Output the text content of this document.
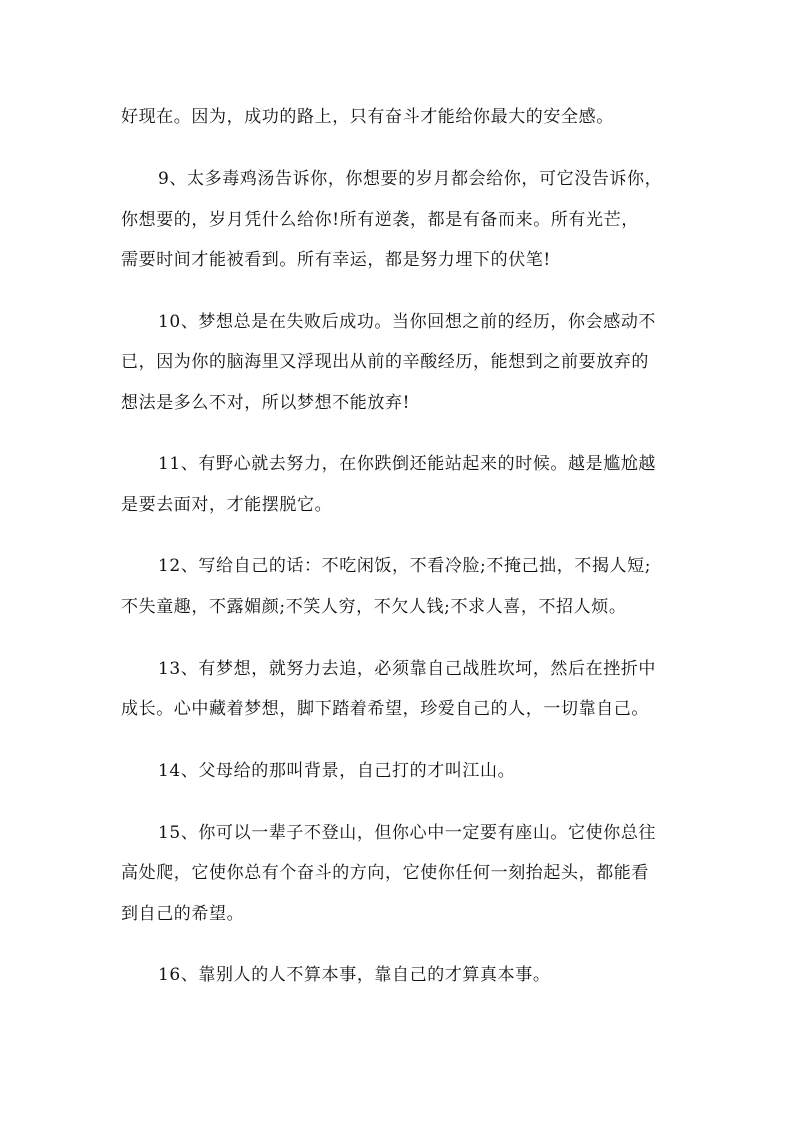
好现在。因为，成功的路上，只有奋斗才能给你最大的安全感。
9、太多毒鸡汤告诉你，你想要的岁月都会给你，可它没告诉你，
你想要的，岁月凭什么给你!所有逆袭，都是有备而来。所有光芒，
需要时间才能被看到。所有幸运，都是努力埋下的伏笔!
10、梦想总是在失败后成功。当你回想之前的经历，你会感动不
已，因为你的脑海里又浮现出从前的辛酸经历，能想到之前要放弃的
想法是多么不对，所以梦想不能放弃!
11、有野心就去努力，在你跌倒还能站起来的时候。越是尴尬越
是要去面对，才能摆脱它。
12、写给自己的话：不吃闲饭，不看冷脸;不掩己拙，不揭人短;
不失童趣，不露媚颜;不笑人穷，不欠人钱;不求人喜，不招人烦。
13、有梦想，就努力去追，必须靠自己战胜坎坷，然后在挫折中
成长。心中藏着梦想，脚下踏着希望，珍爱自己的人，一切靠自己。
14、父母给的那叫背景，自己打的才叫江山。
15、你可以一辈子不登山，但你心中一定要有座山。它使你总往
高处爬，它使你总有个奋斗的方向，它使你任何一刻抬起头，都能看
到自己的希望。
16、靠别人的人不算本事，靠自己的才算真本事。
